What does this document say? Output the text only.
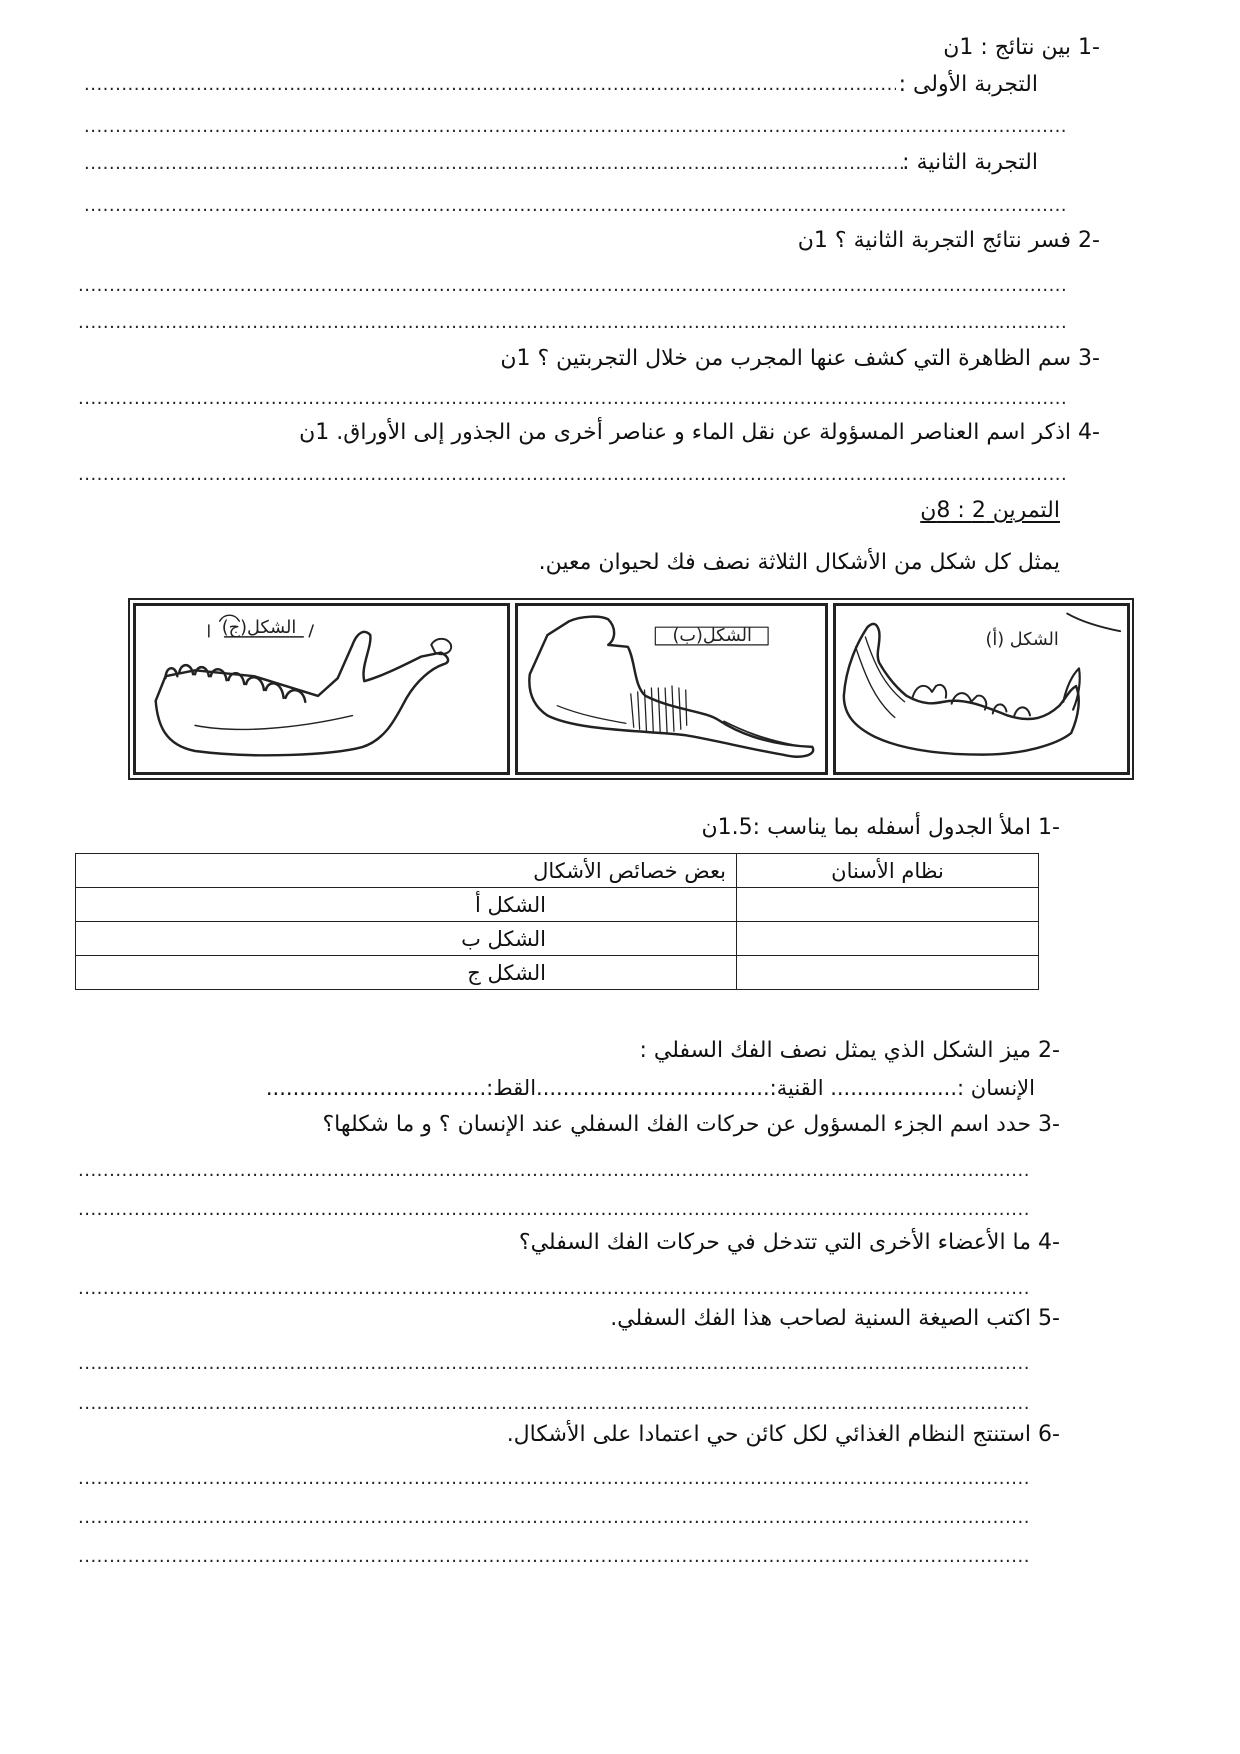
-1 بين نتائج : 1ن
التجربة الأولى :
.....
.....
التجربة الثانية :
.....
.....
-2 فسر نتائج التجربة الثانية ؟ 1ن
.....
.....
-3 سم الظاهرة التي كشف عنها المجرب من خلال التجربتين ؟ 1ن
.....
-4 اذكر اسم العناصر المسؤولة عن نقل الماء و عناصر أخرى من الجذور إلى الأوراق. 1ن
.....
التمرين 2 : 8ن
يمثل كل شكل من الأشكال الثلاثة نصف فك لحيوان معين.
الشكل(ج)	الشكل(ب)	الشكل (أ)
-1 املأ الجدول أسفله بما يناسب :1.5ن
بعض خصائص الأشكال	نظام الأسنان
الشكل أ	
الشكل ب	
الشكل ج	
-2 ميز الشكل الذي يمثل نصف الفك السفلي :
الإنسان :................... القنية:...................................القط:.................................
-3 حدد اسم الجزء المسؤول عن حركات الفك السفلي عند الإنسان ؟ و ما شكلها؟
.....
.....
-4 ما الأعضاء الأخرى التي تتدخل في حركات الفك السفلي؟
.....
-5 اكتب الصيغة السنية لصاحب هذا الفك السفلي.
.....
.....
-6 استنتج النظام الغذائي لكل كائن حي اعتمادا على الأشكال.
.....
.....
.....
